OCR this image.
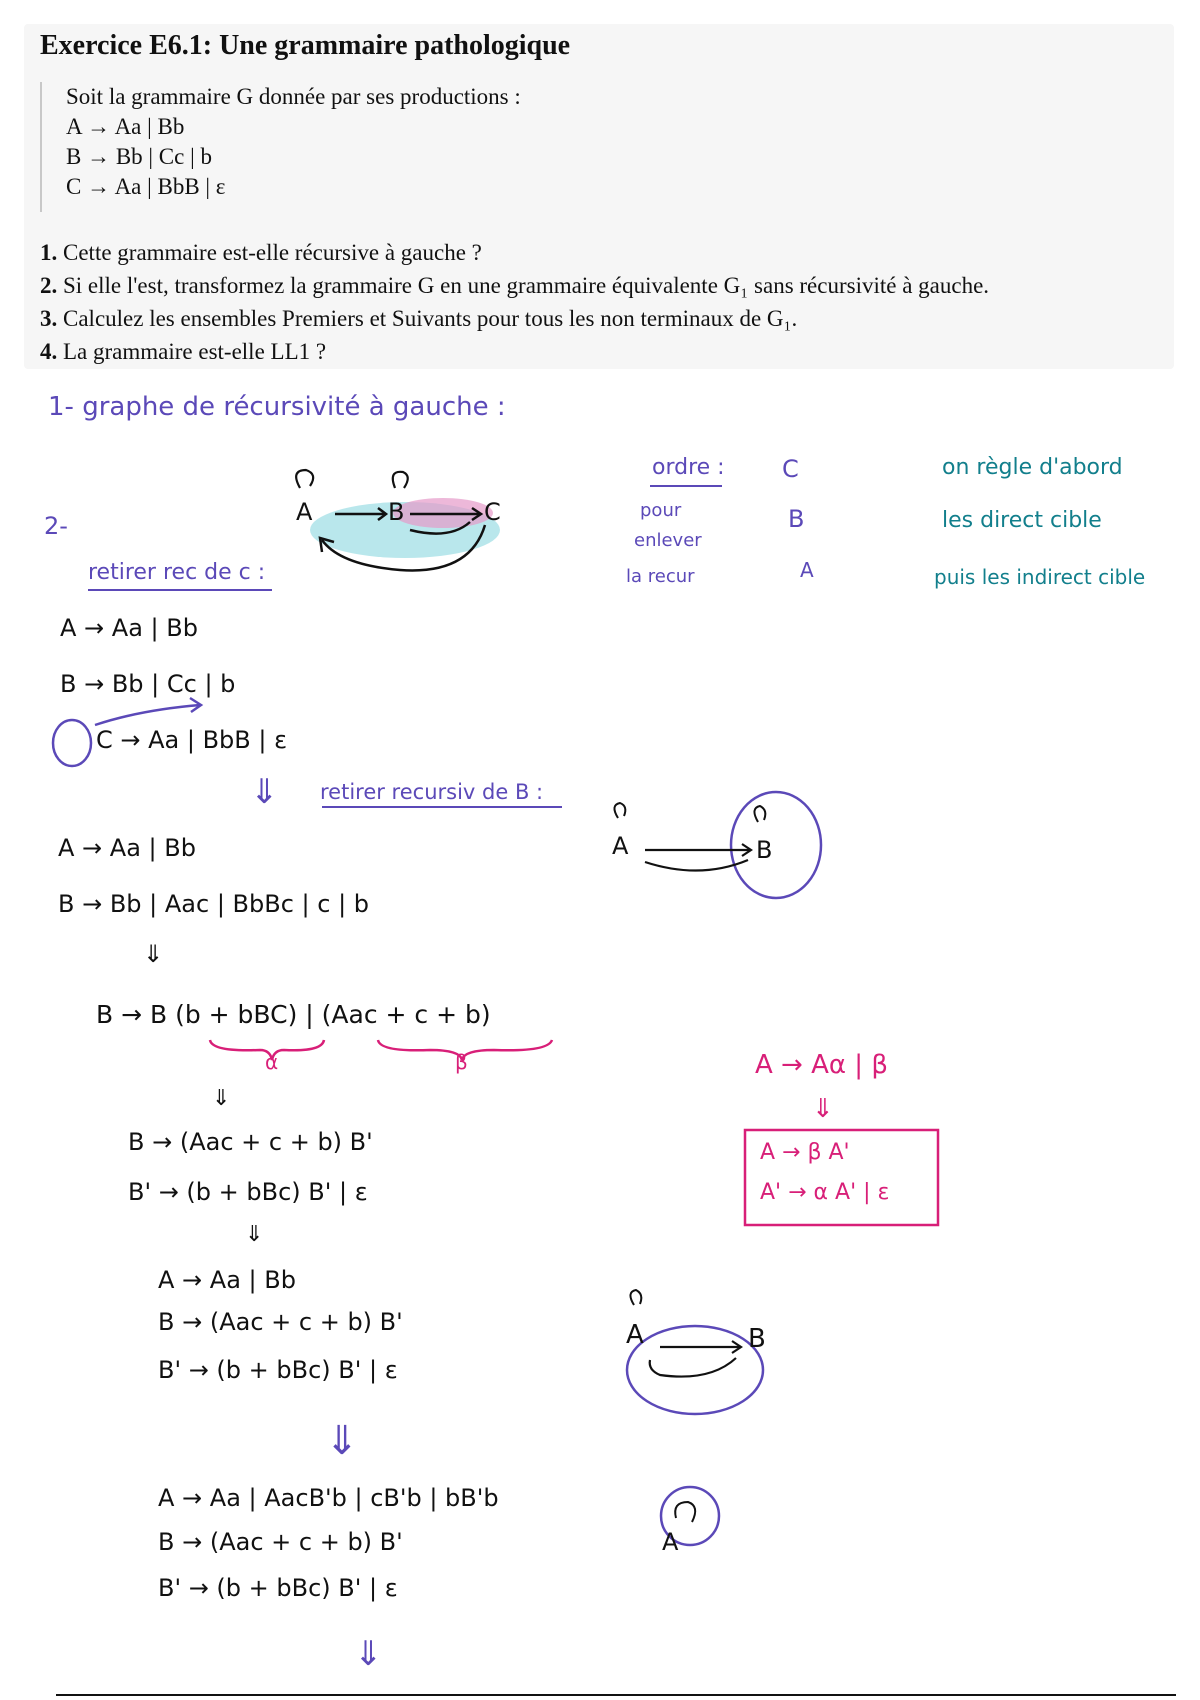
Exercice E6.1: Une grammaire pathologique
Soit la grammaire G donnée par ses productions :
A → Aa | Bb
B → Bb | Cc | b
C → Aa | BbB | ε
1. Cette grammaire est-elle récursive à gauche ?
2. Si elle l'est, transformez la grammaire G en une grammaire équivalente G₁ sans récursivité à gauche.
3. Calculez les ensembles Premiers et Suivants pour tous les non terminaux de G₁.
4. La grammaire est-elle LL1 ?
1- graphe de récursivité à gauche :
2-
retirer rec de c :
A	B	C
ordre :
pour
enlever
la recur
C
B
A
on règle d'abord
les direct cible
puis les indirect cible
A → Aa | Bb
B → Bb | Cc | b
C → Aa | BbB | ε
⇓ retirer recursiv de B :
A → Aa | Bb
B → Bb | Aac | BbBc | c | b
A	B
⇓
B → B (b + bBC) | (Aac + c + b)
α	β	A → Aα | β
⇓
A → β A'
A' → α A' | ε
⇓
B → (Aac + c + b) B'
B' → (b + bBc) B' | ε
⇓
A → Aa | Bb
B → (Aac + c + b) B'
B' → (b + bBc) B' | ε
A	B
⇓
A → Aa | AacB'b | cB'b | bB'b
B → (Aac + c + b) B'
B' → (b + bBc) B' | ε
A
⇓
